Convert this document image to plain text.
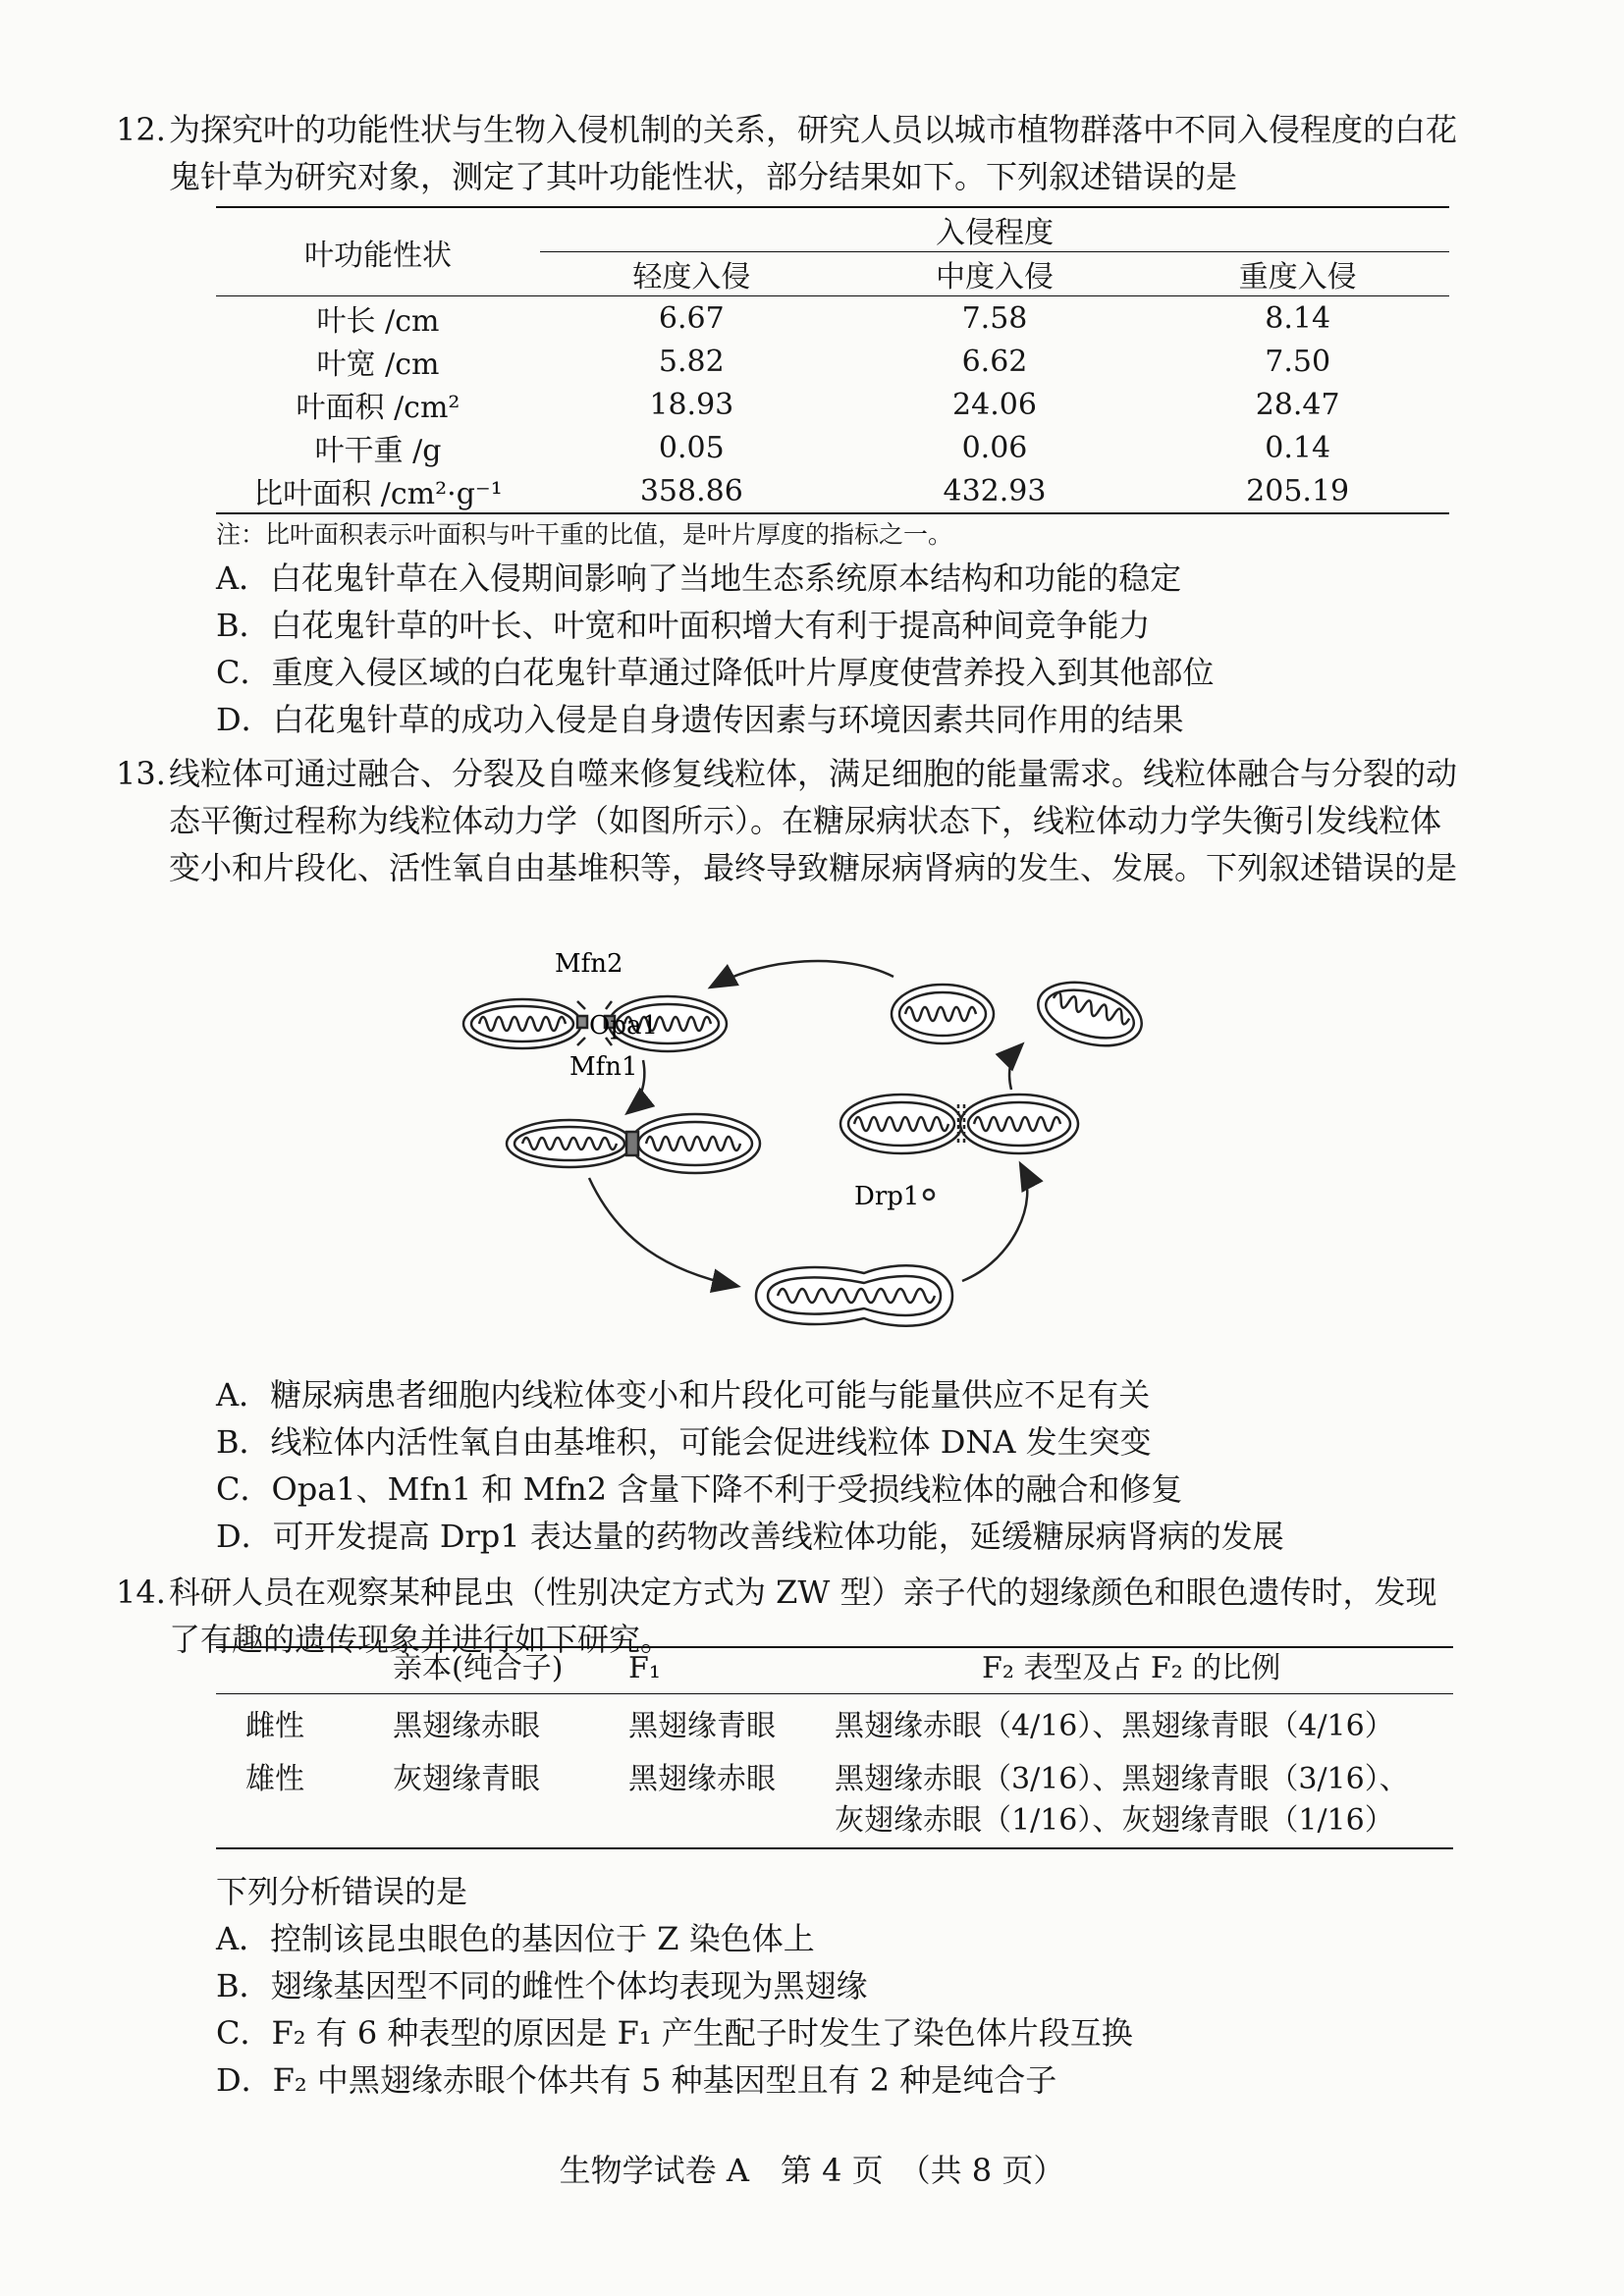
12. 为探究叶的功能性状与生物入侵机制的关系，研究人员以城市植物群落中不同入侵程度的白花鬼针草为研究对象，测定了其叶功能性状，部分结果如下。下列叙述错误的是

叶功能性状	入侵程度		
	轻度入侵	中度入侵	重度入侵
叶长 /cm	6.67	7.58	8.14
叶宽 /cm	5.82	6.62	7.50
叶面积 /cm²	18.93	24.06	28.47
叶干重 /g	0.05	0.06	0.14
比叶面积 /cm²·g⁻¹	358.86	432.93	205.19
注：比叶面积表示叶面积与叶干重的比值，是叶片厚度的指标之一。
A．白花鬼针草在入侵期间影响了当地生态系统原本结构和功能的稳定
B．白花鬼针草的叶长、叶宽和叶面积增大有利于提高种间竞争能力
C．重度入侵区域的白花鬼针草通过降低叶片厚度使营养投入到其他部位
D．白花鬼针草的成功入侵是自身遗传因素与环境因素共同作用的结果

13. 线粒体可通过融合、分裂及自噬来修复线粒体，满足细胞的能量需求。线粒体融合与分裂的动态平衡过程称为线粒体动力学（如图所示）。在糖尿病状态下，线粒体动力学失衡引发线粒体变小和片段化、活性氧自由基堆积等，最终导致糖尿病肾病的发生、发展。下列叙述错误的是

Mfn2
Opa1
Mfn1
Drp1
A．糖尿病患者细胞内线粒体变小和片段化可能与能量供应不足有关
B．线粒体内活性氧自由基堆积，可能会促进线粒体 DNA 发生突变
C．Opa1、Mfn1 和 Mfn2 含量下降不利于受损线粒体的融合和修复
D．可开发提高 Drp1 表达量的药物改善线粒体功能，延缓糖尿病肾病的发展

14. 科研人员在观察某种昆虫（性别决定方式为 ZW 型）亲子代的翅缘颜色和眼色遗传时，发现了有趣的遗传现象并进行如下研究。

	亲本(纯合子)	F₁	F₂ 表型及占 F₂ 的比例
雌性	黑翅缘赤眼	黑翅缘青眼	黑翅缘赤眼（4/16）、黑翅缘青眼（4/16）
雄性	灰翅缘青眼	黑翅缘赤眼	黑翅缘赤眼（3/16）、黑翅缘青眼（3/16）、
灰翅缘赤眼（1/16）、灰翅缘青眼（1/16）
下列分析错误的是
A．控制该昆虫眼色的基因位于 Z 染色体上
B．翅缘基因型不同的雌性个体均表现为黑翅缘
C．F₂ 有 6 种表型的原因是 F₁ 产生配子时发生了染色体片段互换
D．F₂ 中黑翅缘赤眼个体共有 5 种基因型且有 2 种是纯合子
生物学试卷 A　第 4 页　（共 8 页）
